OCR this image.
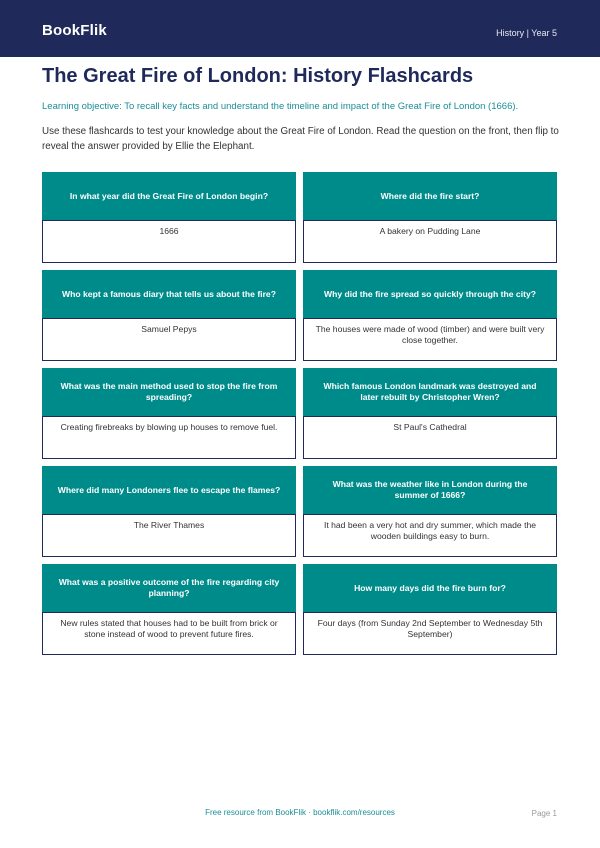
BookFlik	History | Year 5
The Great Fire of London: History Flashcards
Learning objective: To recall key facts and understand the timeline and impact of the Great Fire of London (1666).
Use these flashcards to test your knowledge about the Great Fire of London. Read the question on the front, then flip to reveal the answer provided by Ellie the Elephant.
In what year did the Great Fire of London begin?
1666
Where did the fire start?
A bakery on Pudding Lane
Who kept a famous diary that tells us about the fire?
Samuel Pepys
Why did the fire spread so quickly through the city?
The houses were made of wood (timber) and were built very close together.
What was the main method used to stop the fire from spreading?
Creating firebreaks by blowing up houses to remove fuel.
Which famous London landmark was destroyed and later rebuilt by Christopher Wren?
St Paul's Cathedral
Where did many Londoners flee to escape the flames?
The River Thames
What was the weather like in London during the summer of 1666?
It had been a very hot and dry summer, which made the wooden buildings easy to burn.
What was a positive outcome of the fire regarding city planning?
New rules stated that houses had to be built from brick or stone instead of wood to prevent future fires.
How many days did the fire burn for?
Four days (from Sunday 2nd September to Wednesday 5th September)
Free resource from BookFlik · bookflik.com/resources	Page 1
